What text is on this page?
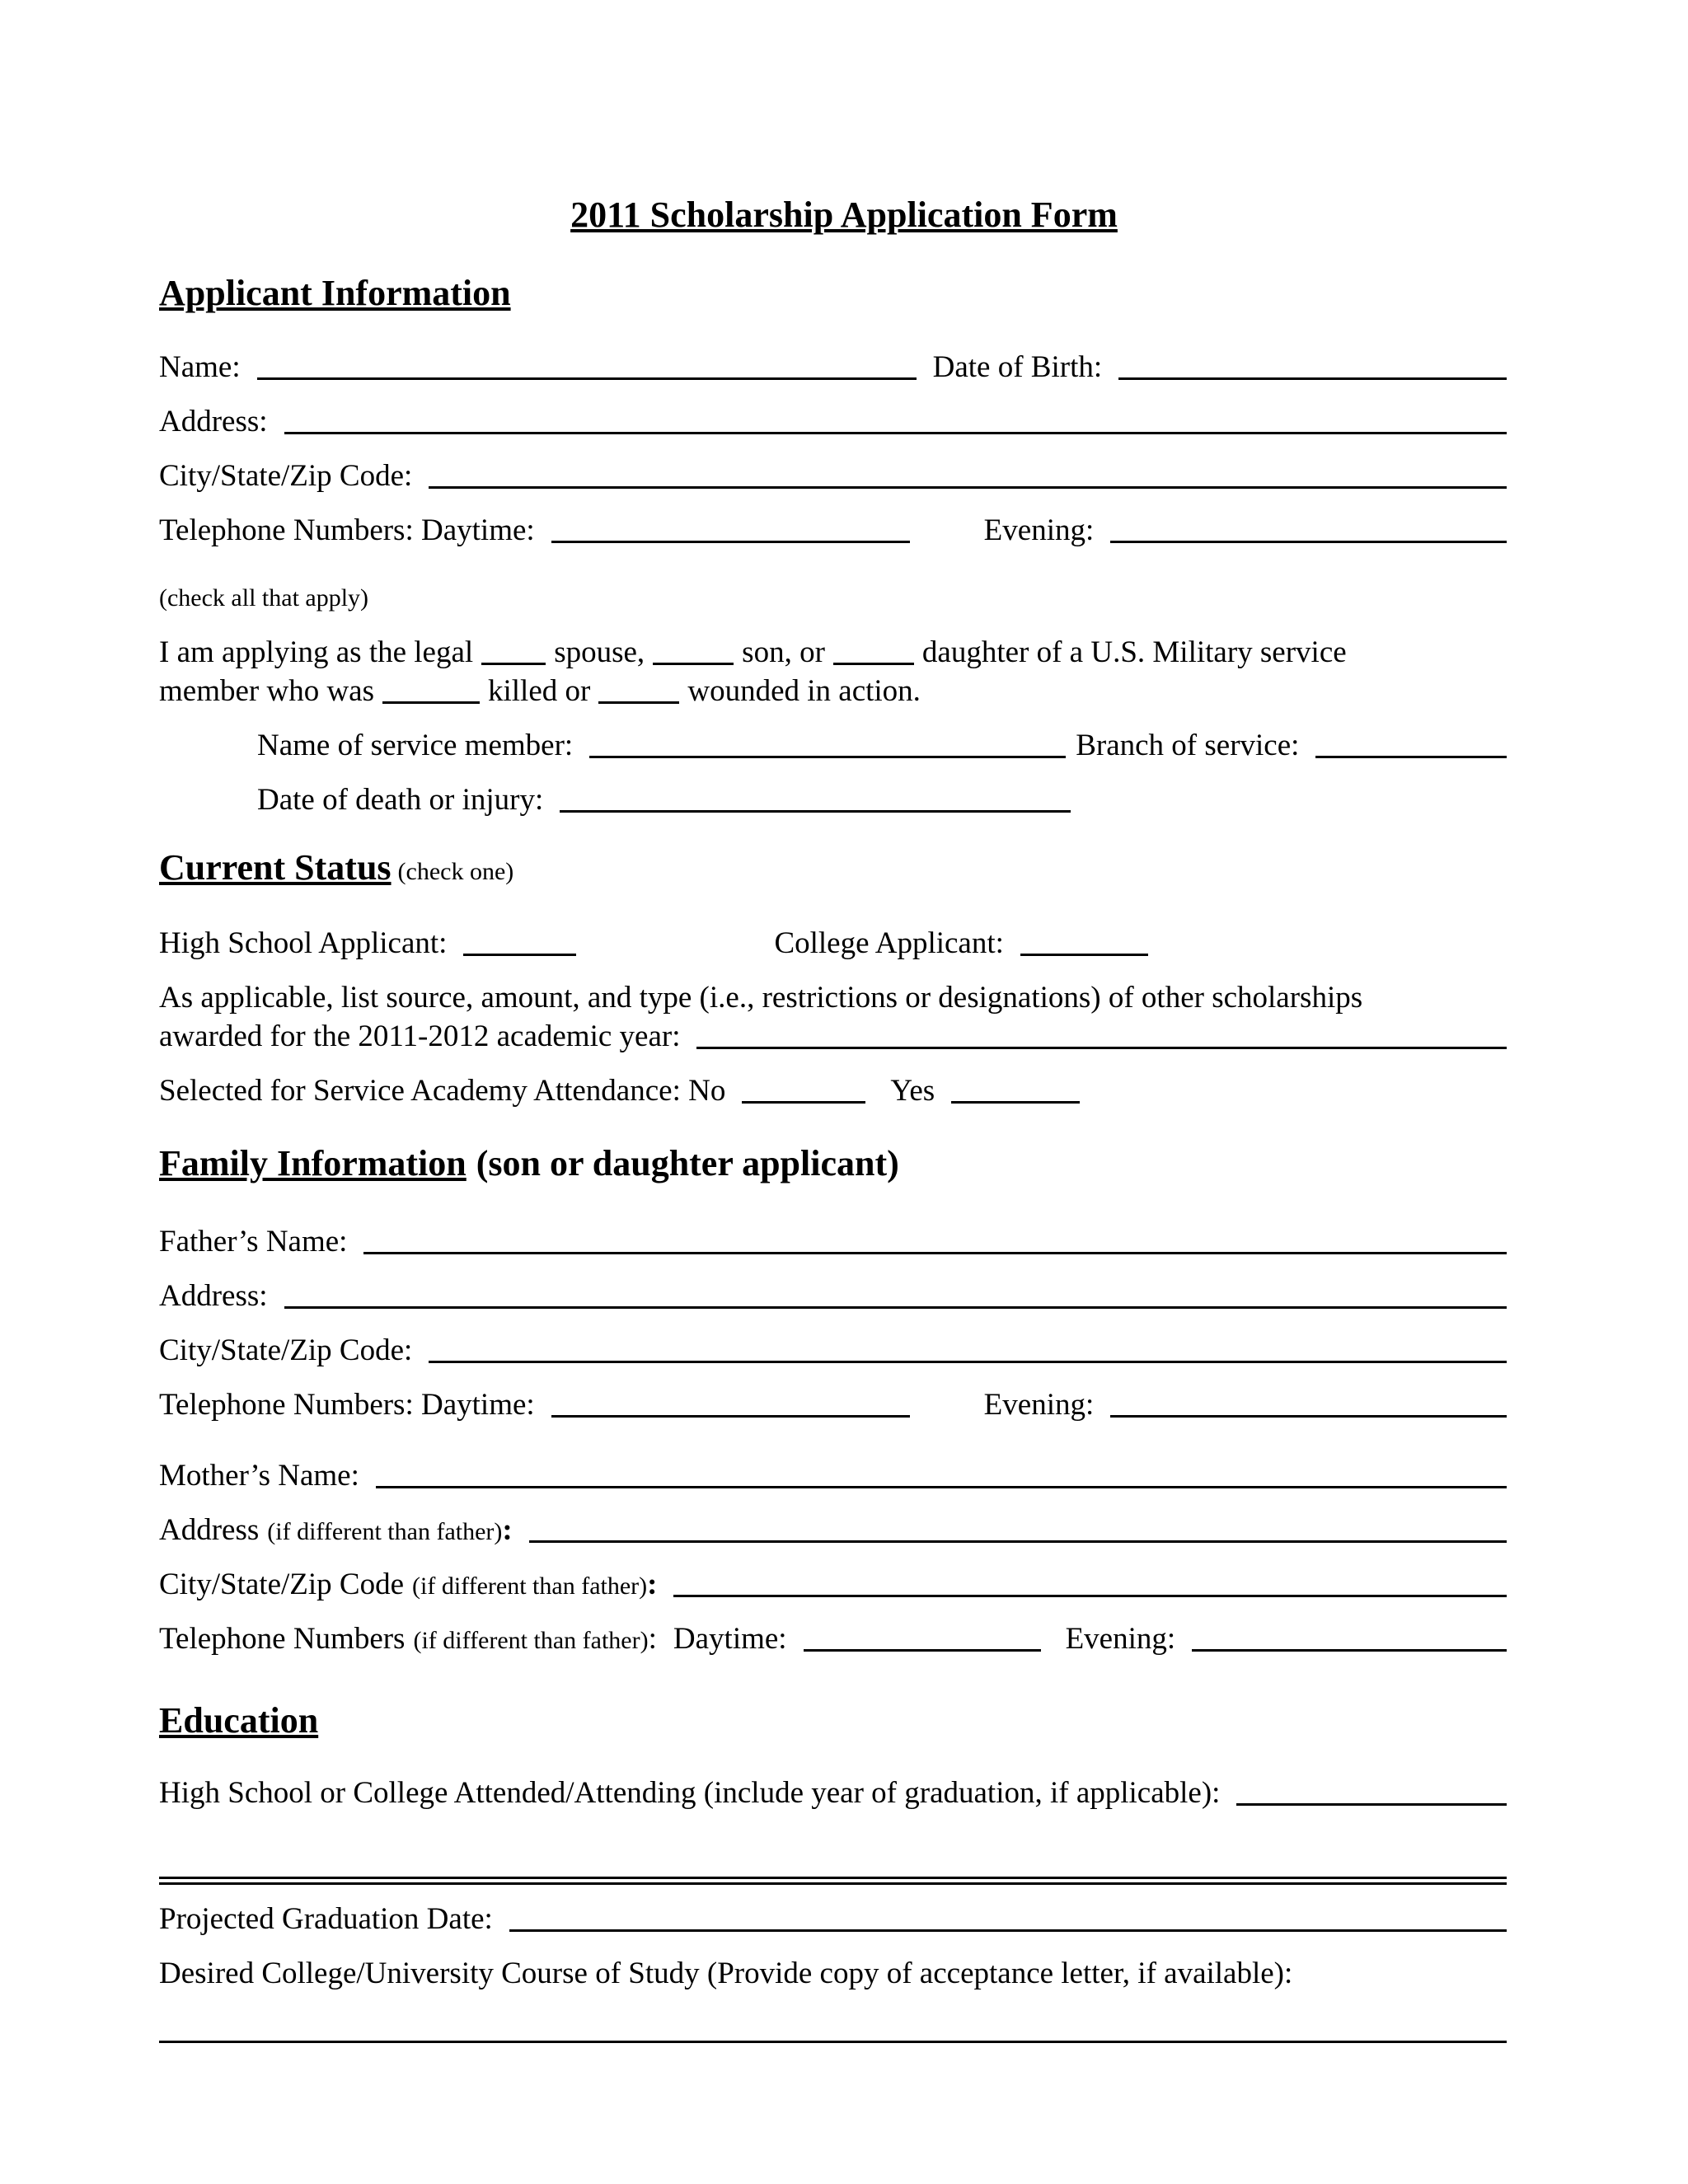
2011 Scholarship Application Form
Applicant Information
Name:	Date of Birth:
Address:
City/State/Zip Code:
Telephone Numbers: Daytime:	Evening:
(check all that apply)
I am applying as the legal	spouse,	son, or	daughter of a U.S. Military service
member who was	killed or	wounded in action.
Name of service member:	Branch of service:
Date of death or injury:
Current Status (check one)
High School Applicant:	College Applicant:
As applicable, list source, amount, and type (i.e., restrictions or designations) of other scholarships
awarded for the 2011-2012 academic year:
Selected for Service Academy Attendance: No	Yes
Family Information (son or daughter applicant)
Father’s Name:
Address:
City/State/Zip Code:
Telephone Numbers: Daytime:	Evening:
Mother’s Name:
Address (if different than father) :
City/State/Zip Code (if different than father) :
Telephone Numbers (if different than father) : Daytime:	Evening:
Education
High School or College Attended/Attending (include year of graduation, if applicable):
Projected Graduation Date:
Desired College/University Course of Study (Provide copy of acceptance letter, if available):
